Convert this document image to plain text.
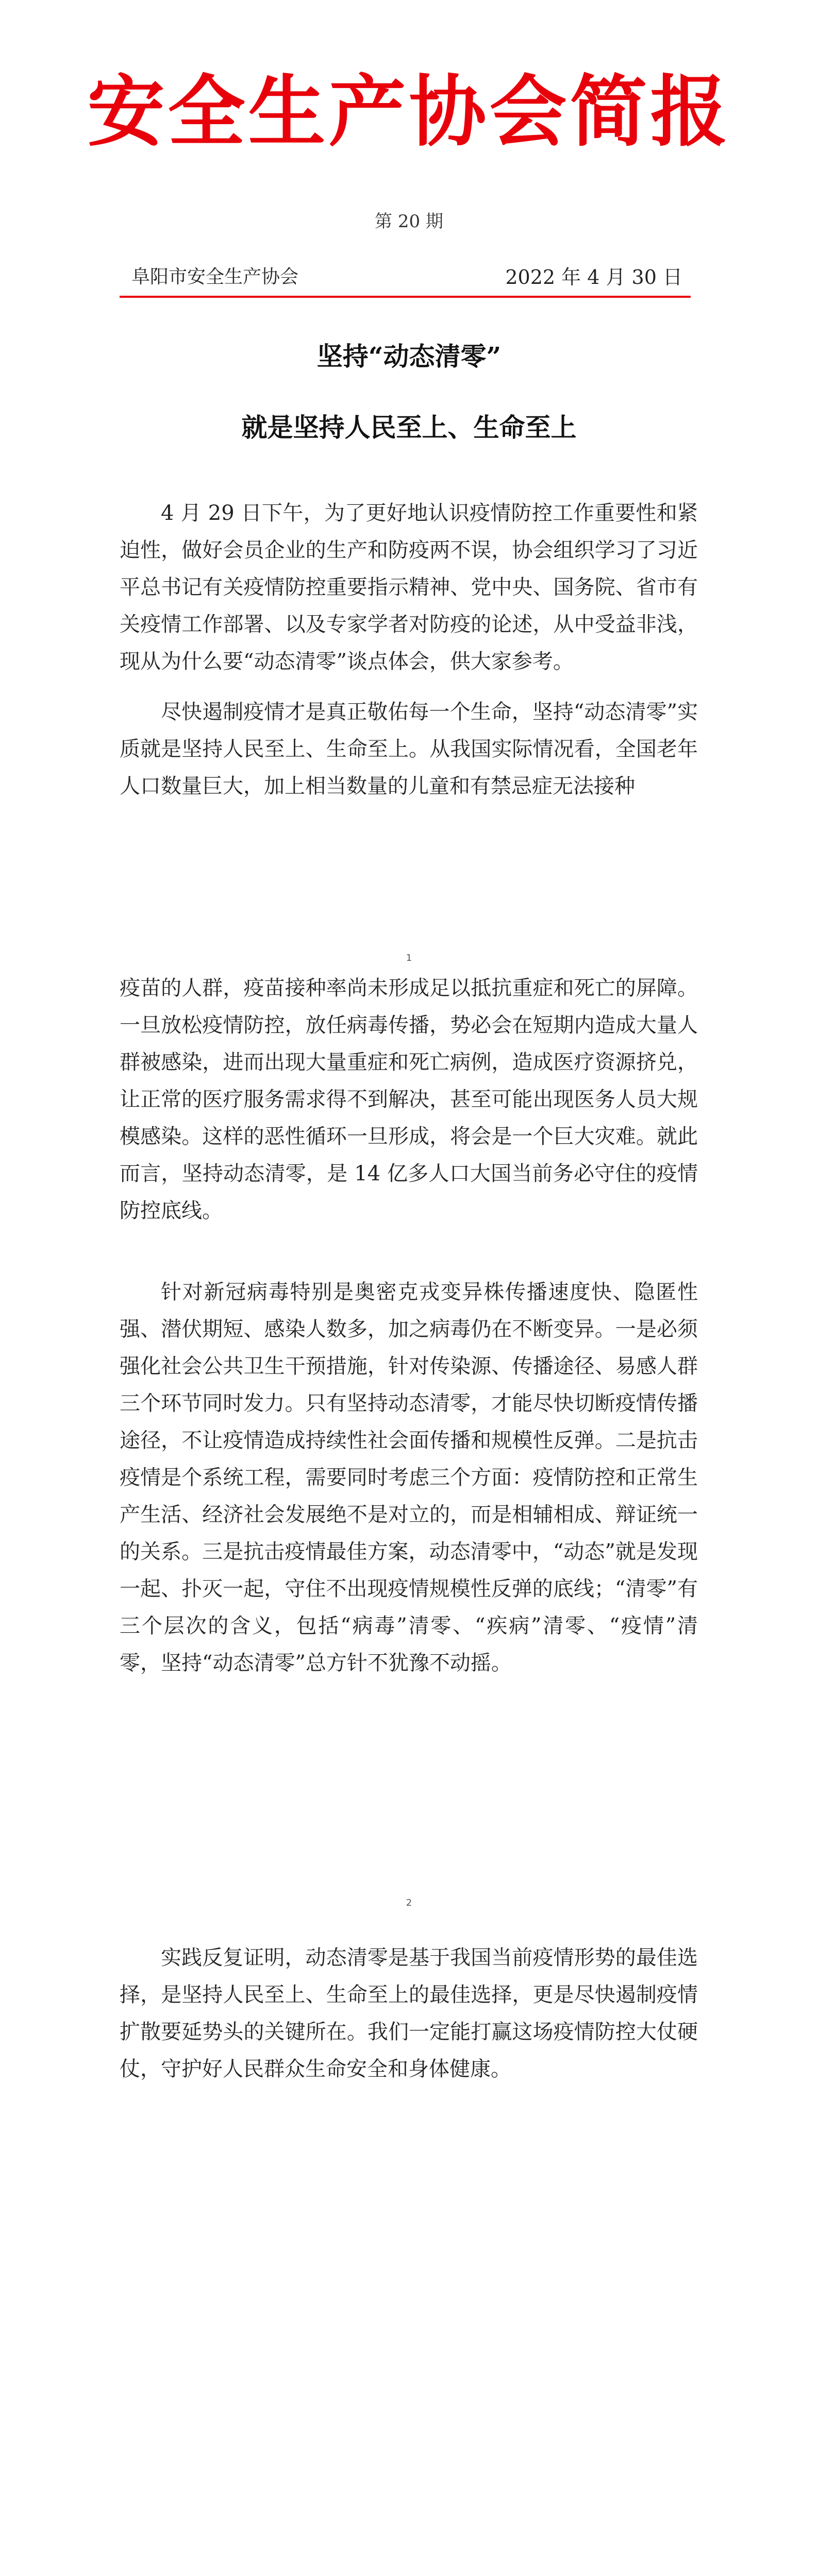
安全生产协会简报
第 20 期
阜阳市安全生产协会	2022 年 4 月 30 日
坚持“动态清零”
就是坚持人民至上、生命至上
4 月 29 日下午，为了更好地认识疫情防控工作重要性和紧迫性，做好会员企业的生产和防疫两不误，协会组织学习了习近平总书记有关疫情防控重要指示精神、党中央、国务院、省市有关疫情工作部署、以及专家学者对防疫的论述，从中受益非浅，现从为什么要“动态清零”谈点体会，供大家参考。
尽快遏制疫情才是真正敬佑每一个生命，坚持“动态清零”实质就是坚持人民至上、生命至上。从我国实际情况看，全国老年人口数量巨大，加上相当数量的儿童和有禁忌症无法接种
1
疫苗的人群，疫苗接种率尚未形成足以抵抗重症和死亡的屏障。一旦放松疫情防控，放任病毒传播，势必会在短期内造成大量人群被感染，进而出现大量重症和死亡病例，造成医疗资源挤兑，让正常的医疗服务需求得不到解决，甚至可能出现医务人员大规模感染。这样的恶性循环一旦形成，将会是一个巨大灾难。就此而言，坚持动态清零，是 14 亿多人口大国当前务必守住的疫情防控底线。
针对新冠病毒特别是奥密克戎变异株传播速度快、隐匿性强、潜伏期短、感染人数多，加之病毒仍在不断变异。一是必须强化社会公共卫生干预措施，针对传染源、传播途径、易感人群三个环节同时发力。只有坚持动态清零，才能尽快切断疫情传播途径，不让疫情造成持续性社会面传播和规模性反弹。二是抗击疫情是个系统工程，需要同时考虑三个方面：疫情防控和正常生产生活、经济社会发展绝不是对立的，而是相辅相成、辩证统一的关系。三是抗击疫情最佳方案，动态清零中，“动态”就是发现一起、扑灭一起，守住不出现疫情规模性反弹的底线；“清零”有三个层次的含义，包括“病毒”清零、“疾病”清零、“疫情”清零，坚持“动态清零”总方针不犹豫不动摇。
2
实践反复证明，动态清零是基于我国当前疫情形势的最佳选择，是坚持人民至上、生命至上的最佳选择，更是尽快遏制疫情扩散要延势头的关键所在。我们一定能打赢这场疫情防控大仗硬仗，守护好人民群众生命安全和身体健康。
